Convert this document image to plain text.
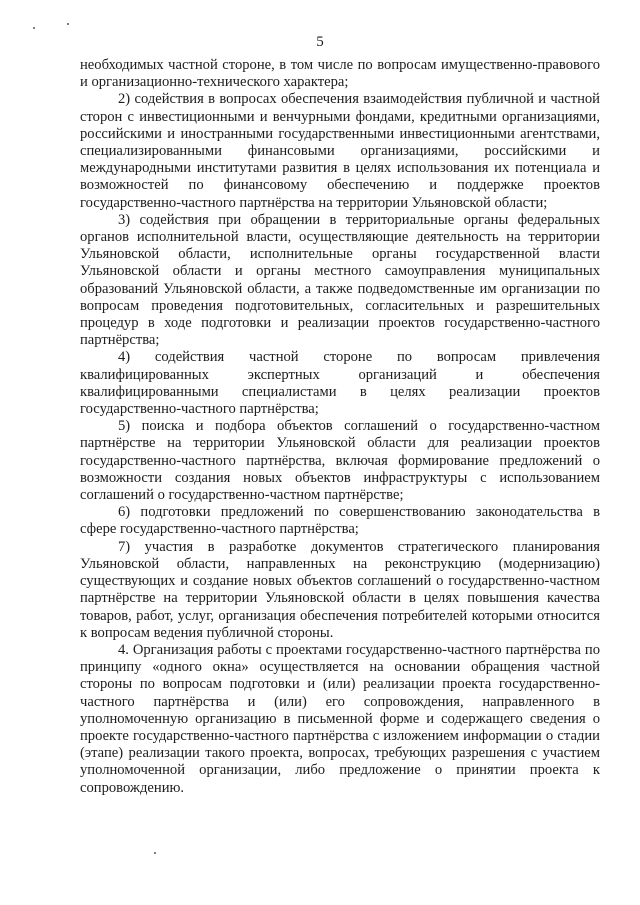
5

необходимых частной стороне, в том числе по вопросам имущественно-правового и организационно-технического характера;

2) содействия в вопросах обеспечения взаимодействия публичной и частной сторон с инвестиционными и венчурными фондами, кредитными организациями, российскими и иностранными государственными инвестиционными агентствами, специализированными финансовыми организациями, российскими и международными институтами развития в целях использования их потенциала и возможностей по финансовому обеспечению и поддержке проектов государственно-частного партнёрства на территории Ульяновской области;

3) содействия при обращении в территориальные органы федеральных органов исполнительной власти, осуществляющие деятельность на территории Ульяновской области, исполнительные органы государственной власти Ульяновской области и органы местного самоуправления муниципальных образований Ульяновской области, а также подведомственные им организации по вопросам проведения подготовительных, согласительных и разрешительных процедур в ходе подготовки и реализации проектов государственно-частного партнёрства;

4) содействия частной стороне по вопросам привлечения квалифицированных экспертных организаций и обеспечения квалифицированными специалистами в целях реализации проектов государственно-частного партнёрства;

5) поиска и подбора объектов соглашений о государственно-частном партнёрстве на территории Ульяновской области для реализации проектов государственно-частного партнёрства, включая формирование предложений о возможности создания новых объектов инфраструктуры с использованием соглашений о государственно-частном партнёрстве;

6) подготовки предложений по совершенствованию законодательства в сфере государственно-частного партнёрства;

7) участия в разработке документов стратегического планирования Ульяновской области, направленных на реконструкцию (модернизацию) существующих и создание новых объектов соглашений о государственно-частном партнёрстве на территории Ульяновской области в целях повышения качества товаров, работ, услуг, организация обеспечения потребителей которыми относится к вопросам ведения публичной стороны.

4. Организация работы с проектами государственно-частного партнёрства по принципу «одного окна» осуществляется на основании обращения частной стороны по вопросам подготовки и (или) реализации проекта государственно-частного партнёрства и (или) его сопровождения, направленного в уполномоченную организацию в письменной форме и содержащего сведения о проекте государственно-частного партнёрства с изложением информации о стадии (этапе) реализации такого проекта, вопросах, требующих разрешения с участием уполномоченной организации, либо предложение о принятии проекта к сопровождению.
